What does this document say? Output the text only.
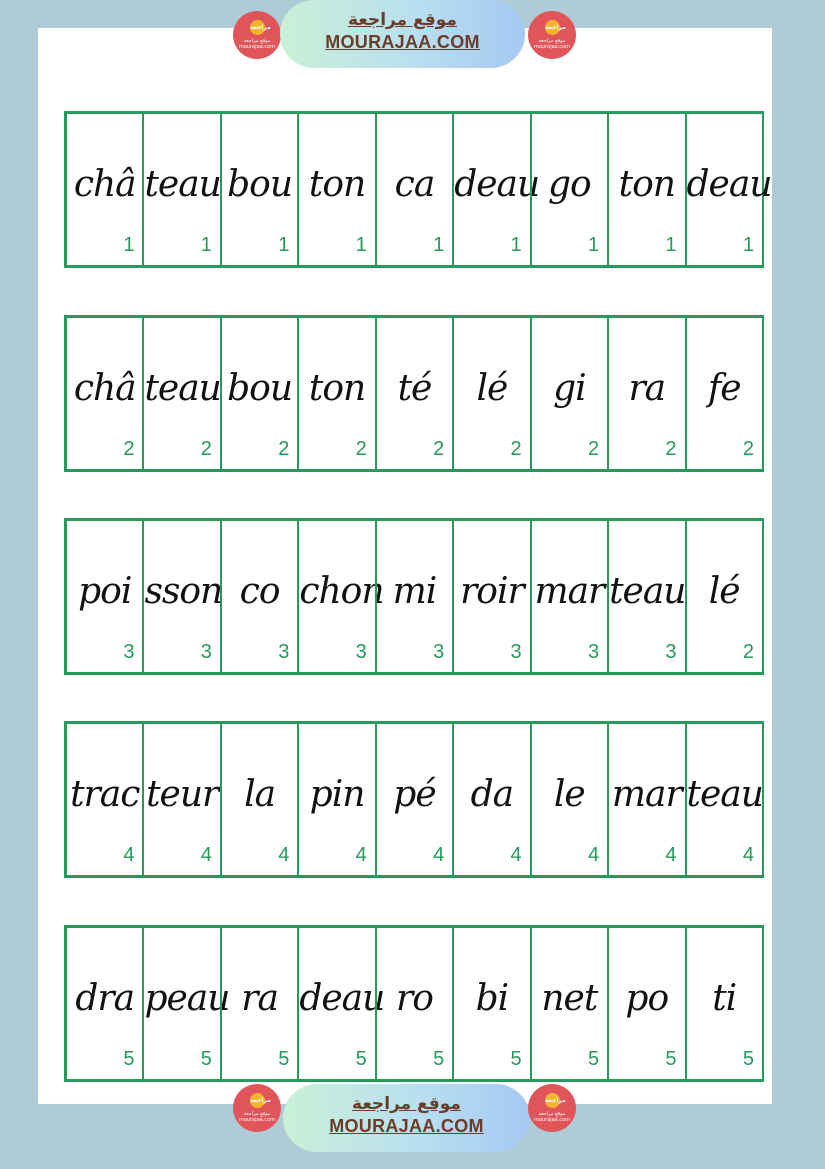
مراجعة
موقع مراجعة mourajaa.com
موقع مراجعة
MOURAJAA.COM
مراجعة
موقع مراجعة mourajaa.com
châ
1
teau
1
bou
1
ton
1
ca
1
deau
1
go
1
ton
1
deau
1
châ
2
teau
2
bou
2
ton
2
té
2
lé
2
gi
2
ra
2
fe
2
poi
3
sson
3
co
3
chon
3
mi
3
roir
3
mar
3
teau
3
lé
2
trac
4
teur
4
la
4
pin
4
pé
4
da
4
le
4
mar
4
teau
4
dra
5
peau
5
ra
5
deau
5
ro
5
bi
5
net
5
po
5
ti
5
مراجعة
موقع مراجعة mourajaa.com
موقع مراجعة
MOURAJAA.COM
مراجعة
موقع مراجعة mourajaa.com
